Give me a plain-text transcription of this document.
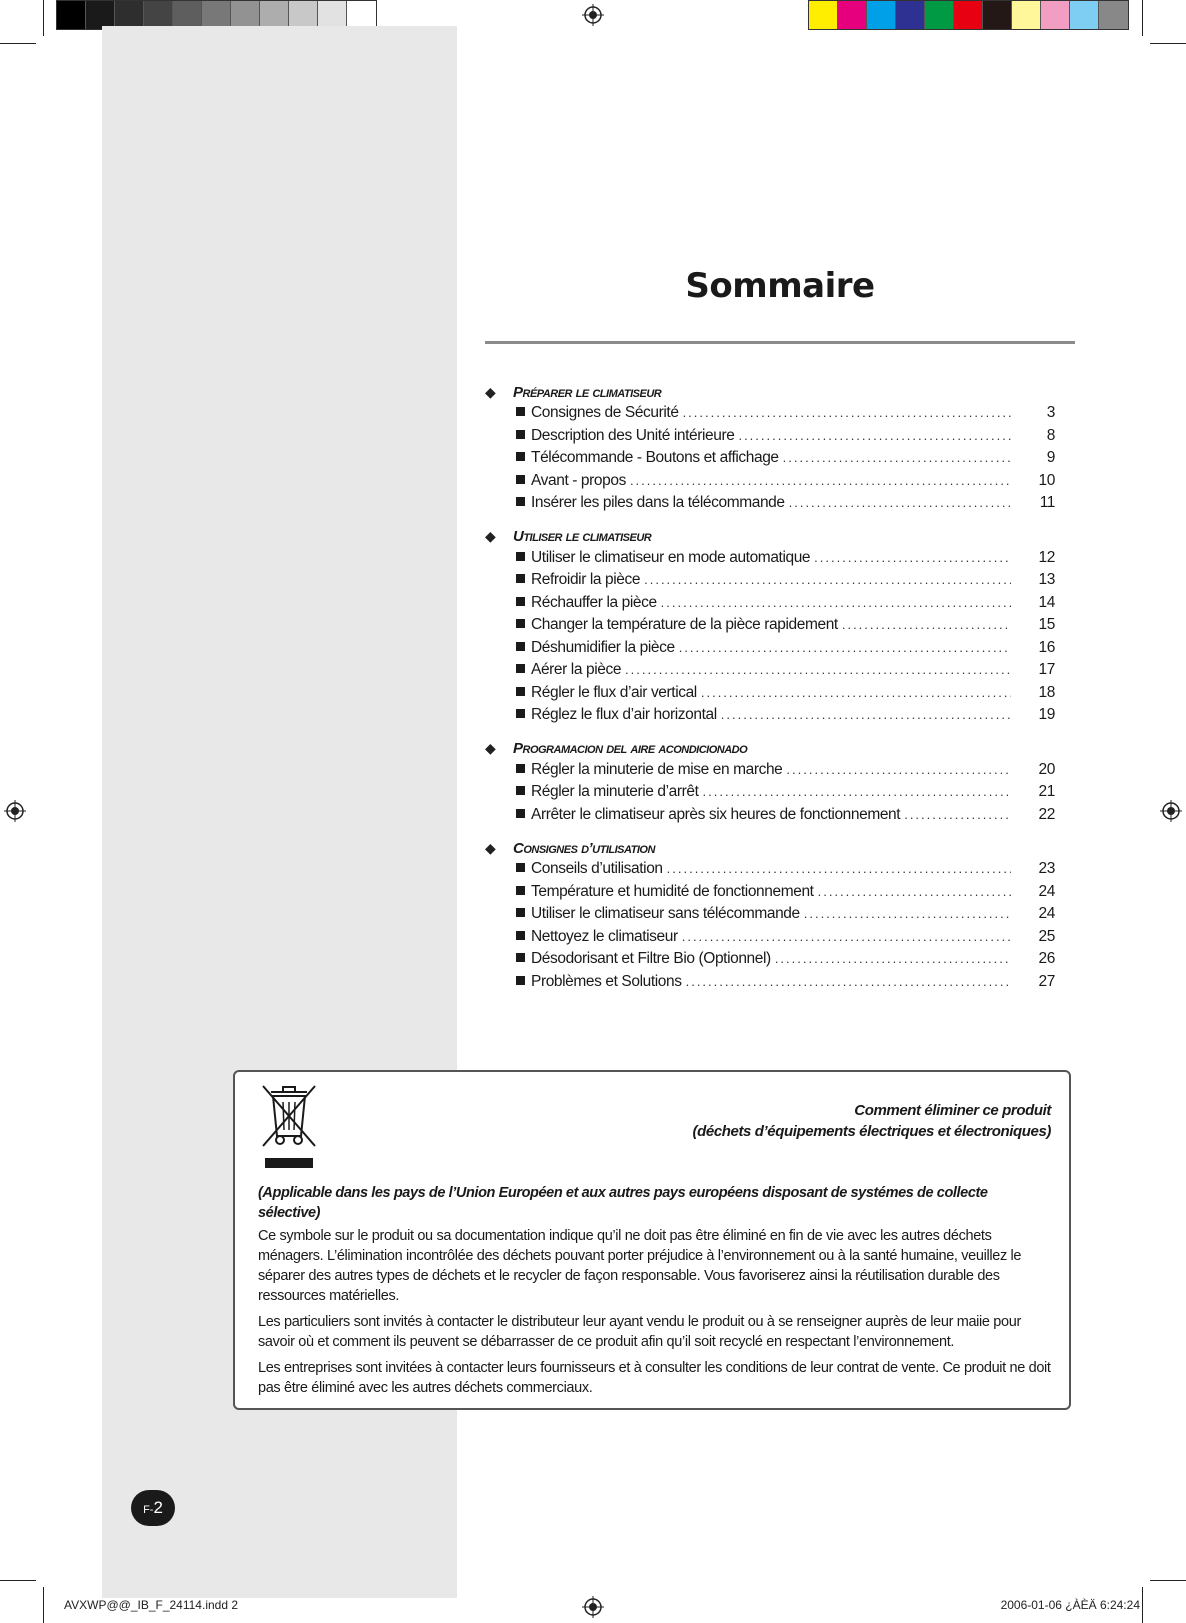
Sommaire
◆	Préparer le climatiseur
Consignes de Sécurité .....	3
Description des Unité intérieure .....	8
Télécommande - Boutons et affichage .....	9
Avant - propos .....	10
Insérer les piles dans la télécommande .....	11
◆	Utiliser le climatiseur
Utiliser le climatiseur en mode automatique .....	12
Refroidir la pièce .....	13
Réchauffer la pièce .....	14
Changer la température de la pièce rapidement .....	15
Déshumidifier la pièce .....	16
Aérer la pièce .....	17
Régler le flux d’air vertical .....	18
Réglez le flux d’air horizontal .....	19
◆	Programacion del aire acondicionado
Régler la minuterie de mise en marche .....	20
Régler la minuterie d’arrêt .....	21
Arrêter le climatiseur après six heures de fonctionnement .....	22
◆	Consignes d’utilisation
Conseils d’utilisation .....	23
Température et humidité de fonctionnement .....	24
Utiliser le climatiseur sans télécommande .....	24
Nettoyez le climatiseur .....	25
Désodorisant et Filtre Bio (Optionnel) .....	26
Problèmes et Solutions .....	27
Comment éliminer ce produit
(déchets d’équipements électriques et électroniques)
(Applicable dans les pays de l’Union Européen et aux autres pays européens disposant de systémes de collecte sélective)

Ce symbole sur le produit ou sa documentation indique qu’il ne doit pas être éliminé en fin de vie avec les autres déchets ménagers. L’élimination incontrôlée des déchets pouvant porter préjudice à l’environnement ou à la santé humaine, veuillez le séparer des autres types de déchets et le recycler de façon responsable. Vous favoriserez ainsi la réutilisation durable des ressources matérielles.

Les particuliers sont invités à contacter le distributeur leur ayant vendu le produit ou à se renseigner auprès de leur maiie pour savoir où et comment ils peuvent se débarrasser de ce produit afin qu’il soit recyclé en respectant l’environnement.

Les entreprises sont invitées à contacter leurs fournisseurs et à consulter les conditions de leur contrat de vente. Ce produit ne doit pas être éliminé avec les autres déchets commerciaux.

F-2
AVXWP@@_IB_F_24114.indd 2	2006-01-06 ¿ÀÈÄ 6:24:24
